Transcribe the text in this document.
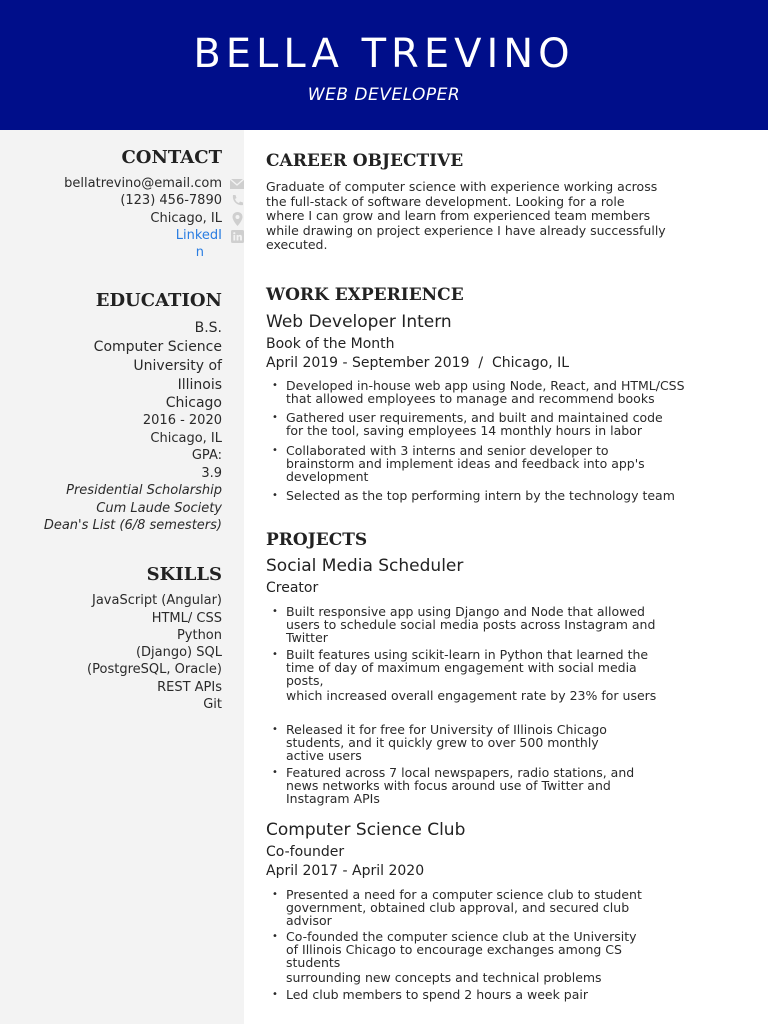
BELLA TREVINO
WEB DEVELOPER
CONTACT
bellatrevino@email.com
(123) 456-7890
Chicago, IL
LinkedI
n
EDUCATION
B.S.
Computer Science
University of
Illinois
Chicago
2016 - 2020
Chicago, IL
GPA:
3.9
Presidential Scholarship
Cum Laude Society
Dean's List (6/8 semesters)
SKILLS
JavaScript (Angular)
HTML/ CSS
Python
(Django) SQL
(PostgreSQL, Oracle)
REST APIs
Git
CAREER OBJECTIVE
Graduate of computer science with experience working across
the full-stack of software development. Looking for a role
where I can grow and learn from experienced team members
while drawing on project experience I have already successfully
executed.
WORK EXPERIENCE
Web Developer Intern
Book of the Month
April 2019 - September 2019  /  Chicago, IL
• Developed in-house web app using Node, React, and HTML/CSS
that allowed employees to manage and recommend books
• Gathered user requirements, and built and maintained code
for the tool, saving employees 14 monthly hours in labor
• Collaborated with 3 interns and senior developer to
brainstorm and implement ideas and feedback into app's
development
• Selected as the top performing intern by the technology team
PROJECTS
Social Media Scheduler
Creator
• Built responsive app using Django and Node that allowed
users to schedule social media posts across Instagram and
Twitter
• Built features using scikit-learn in Python that learned the
time of day of maximum engagement with social media
posts,
which increased overall engagement rate by 23% for users
• Released it for free for University of Illinois Chicago
students, and it quickly grew to over 500 monthly
active users
• Featured across 7 local newspapers, radio stations, and
news networks with focus around use of Twitter and
Instagram APIs
Computer Science Club
Co-founder
April 2017 - April 2020
• Presented a need for a computer science club to student
government, obtained club approval, and secured club
advisor
• Co-founded the computer science club at the University
of Illinois Chicago to encourage exchanges among CS
students
surrounding new concepts and technical problems
• Led club members to spend 2 hours a week pair
